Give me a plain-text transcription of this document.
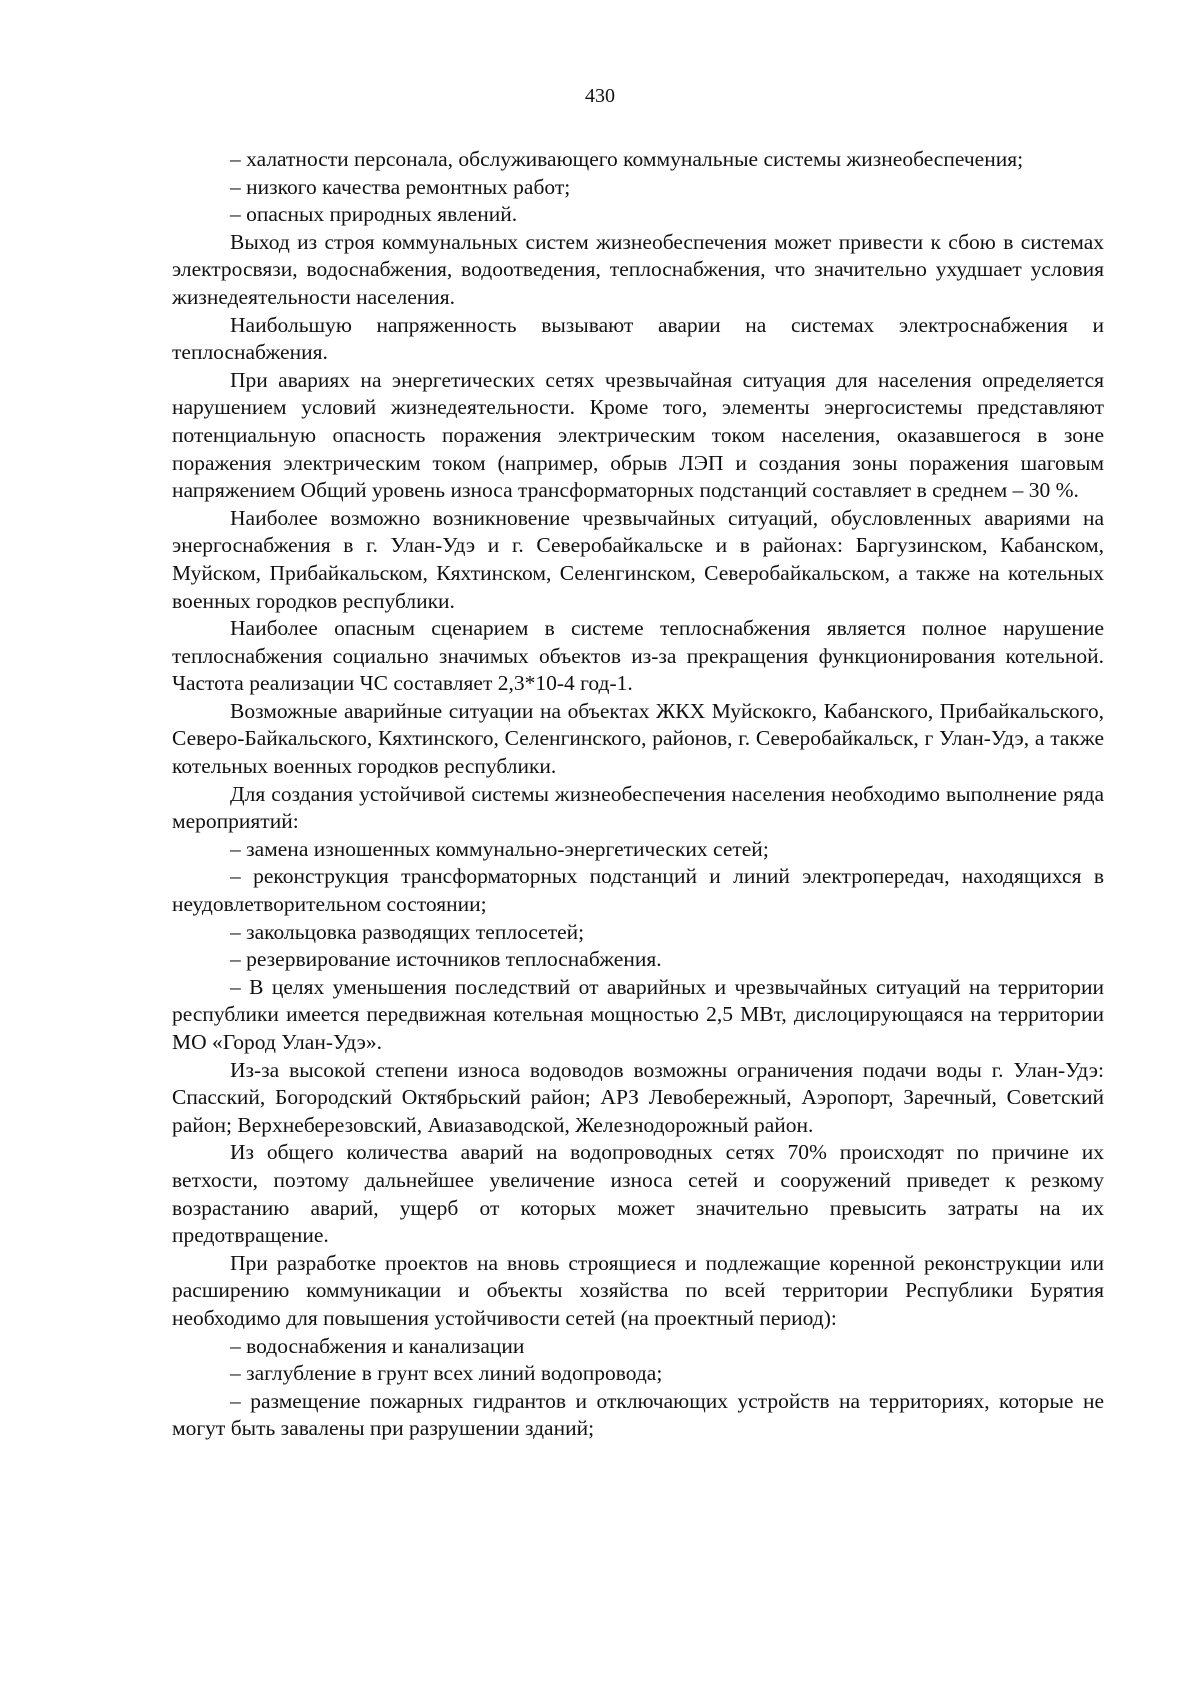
430

– халатности персонала, обслуживающего коммунальные системы жизнеобеспечения;

– низкого качества ремонтных работ;

– опасных природных явлений.

Выход из строя коммунальных систем жизнеобеспечения может привести к сбою в системах электросвязи, водоснабжения, водоотведения, теплоснабжения, что значительно ухудшает условия жизнедеятельности населения.

Наибольшую напряженность вызывают аварии на системах электроснабжения и теплоснабжения.

При авариях на энергетических сетях чрезвычайная ситуация для населения определяется нарушением условий жизнедеятельности. Кроме того, элементы энергосистемы представляют потенциальную опасность поражения электрическим током населения, оказавшегося в зоне поражения электрическим током (например, обрыв ЛЭП и создания зоны поражения шаговым напряжением Общий уровень износа трансформаторных подстанций составляет в среднем – 30 %.

Наиболее возможно возникновение чрезвычайных ситуаций, обусловленных авариями на энергоснабжения в г. Улан-Удэ и г. Северобайкальске и в районах: Баргузинском, Кабанском, Муйском, Прибайкальском, Кяхтинском, Селенгинском, Северобайкальском, а также на котельных военных городков республики.

Наиболее опасным сценарием в системе теплоснабжения является полное нарушение теплоснабжения социально значимых объектов из-за прекращения функционирования котельной. Частота реализации ЧС составляет 2,3*10-4 год-1.

Возможные аварийные ситуации на объектах ЖКХ Муйскокго, Кабанского, Прибайкальского, Северо-Байкальского, Кяхтинского, Селенгинского, районов, г. Северобайкальск, г Улан-Удэ, а также котельных военных городков республики.

Для создания устойчивой системы жизнеобеспечения населения необходимо выполнение ряда мероприятий:

– замена изношенных коммунально-энергетических сетей;

– реконструкция трансформаторных подстанций и линий электропередач, находящихся в неудовлетворительном состоянии;

– закольцовка разводящих теплосетей;

– резервирование источников теплоснабжения.

– В целях уменьшения последствий от аварийных и чрезвычайных ситуаций на территории республики имеется передвижная котельная мощностью 2,5 МВт, дислоцирующаяся на территории МО «Город Улан-Удэ».

Из-за высокой степени износа водоводов возможны ограничения подачи воды г. Улан-Удэ: Спасский, Богородский Октябрьский район; АРЗ Левобережный, Аэропорт, Заречный, Советский район; Верхнеберезовский, Авиазаводской, Железнодорожный район.

Из общего количества аварий на водопроводных сетях 70% происходят по причине их ветхости, поэтому дальнейшее увеличение износа сетей и сооружений приведет к резкому возрастанию аварий, ущерб от которых может значительно превысить затраты на их предотвращение.

При разработке проектов на вновь строящиеся и подлежащие коренной реконструкции или расширению коммуникации и объекты хозяйства по всей территории Республики Бурятия необходимо для повышения устойчивости сетей (на проектный период):

– водоснабжения и канализации

– заглубление в грунт всех линий водопровода;

– размещение пожарных гидрантов и отключающих устройств на территориях, которые не могут быть завалены при разрушении зданий;
